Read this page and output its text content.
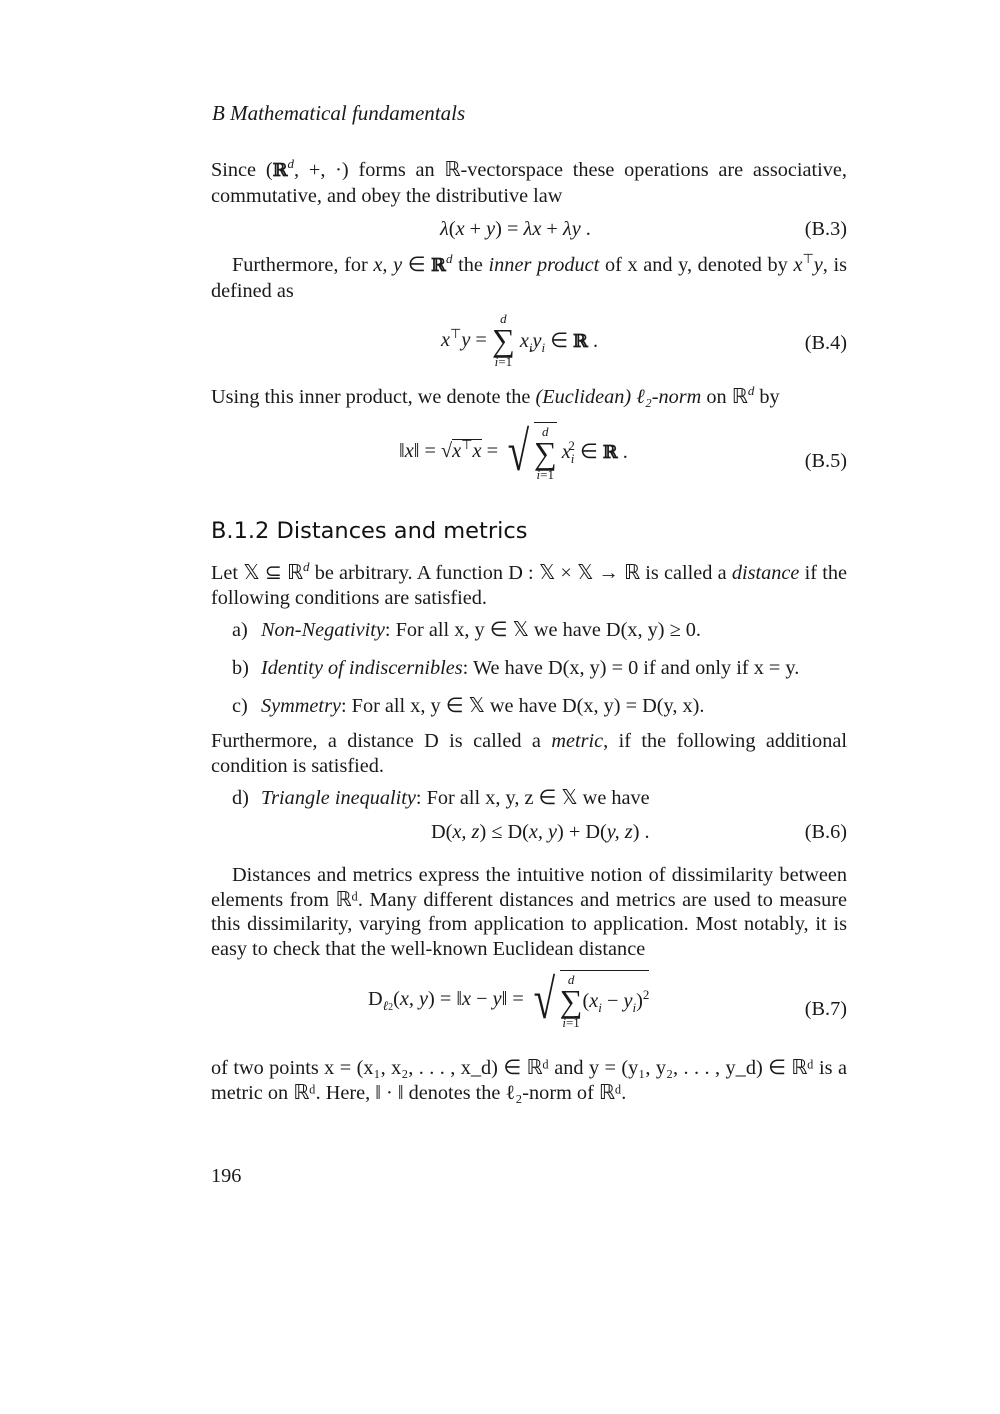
B Mathematical fundamentals
Since (ℝ$^d$, +, ·) forms an ℝ-vectorspace these operations are associative, commutative, and obey the distributive law
λ(x + y) = λx + λy .	(B.3)
Furthermore, for x, y ∈ ℝ$^d$ the inner product of x and y, denoted by x⊤y, is defined as
x⊤y =
d
∑
i=1
$x_iy_i$ ∈ ℝ .	(B.4)
Using this inner product, we denote the (Euclidean) ℓ₂-norm on ℝ$^d$ by
‖x‖ = √x⊤x = √ d
∑
i=1
$x_i^2$ ∈ ℝ .	(B.5)
B.1.2 Distances and metrics
Let 𝕏 ⊆ ℝ$^d$ be arbitrary. A function D : 𝕏 × 𝕏 → ℝ is called a distance if the following conditions are satisfied.
a) Non-Negativity: For all x, y ∈ 𝕏 we have D(x, y) ≥ 0.
b) Identity of indiscernibles: We have D(x, y) = 0 if and only if x = y.
c) Symmetry: For all x, y ∈ 𝕏 we have D(x, y) = D(y, x).
Furthermore, a distance D is called a metric, if the following additional condition is satisfied.
d) Triangle inequality: For all x, y, z ∈ 𝕏 we have
D(x, z) ≤ D(x, y) + D(y, z) .	(B.6)
Distances and metrics express the intuitive notion of dissimilarity between elements from ℝᵈ. Many different distances and metrics are used to measure this dissimilarity, varying from application to application. Most notably, it is easy to check that the well-known Euclidean distance
$D_{\ell 2}(x$, y) = ‖x − y‖ = √ d
∑
i=1
$(x_i - y_i)^2$
(B.7)
of two points x = (x₁, x₂, . . . , x_d) ∈ ℝᵈ and y = (y₁, y₂, . . . , y_d) ∈ ℝᵈ is a metric on ℝᵈ. Here, ‖ · ‖ denotes the ℓ₂-norm of ℝᵈ.
196
